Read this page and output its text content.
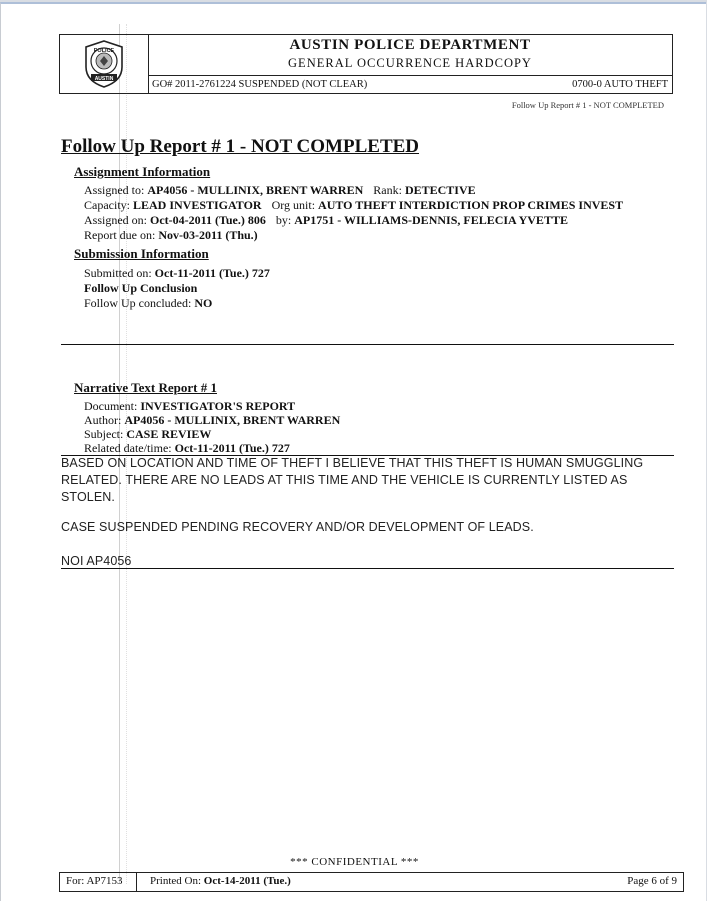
POLICE
AUSTIN
AUSTIN POLICE DEPARTMENT
GENERAL OCCURRENCE HARDCOPY
GO# 2011-2761224 SUSPENDED (NOT CLEAR)	0700-0 AUTO THEFT
Follow Up Report # 1 - NOT COMPLETED
Follow Up Report # 1 - NOT COMPLETED
Assignment Information
Assigned to: AP4056 - MULLINIX, BRENT WARREN Rank: DETECTIVE
Capacity: LEAD INVESTIGATOR Org unit: AUTO THEFT INTERDICTION PROP CRIMES INVEST
Assigned on: Oct-04-2011 (Tue.) 806 by: AP1751 - WILLIAMS-DENNIS, FELECIA YVETTE
Report due on: Nov-03-2011 (Thu.)
Submission Information
Submitted on: Oct-11-2011 (Tue.) 727
Follow Up Conclusion
Follow Up concluded: NO
Narrative Text Report # 1
Document: INVESTIGATOR'S REPORT
Author: AP4056 - MULLINIX, BRENT WARREN
Subject: CASE REVIEW
Related date/time: Oct-11-2011 (Tue.) 727
BASED ON LOCATION AND TIME OF THEFT I BELIEVE THAT THIS THEFT IS HUMAN SMUGGLING
RELATED. THERE ARE NO LEADS AT THIS TIME AND THE VEHICLE IS CURRENTLY LISTED AS
STOLEN.
CASE SUSPENDED PENDING RECOVERY AND/OR DEVELOPMENT OF LEADS.
NOI AP4056
*** CONFIDENTIAL ***
For: AP7153 Printed On: Oct-14-2011 (Tue.)	Page 6 of 9
